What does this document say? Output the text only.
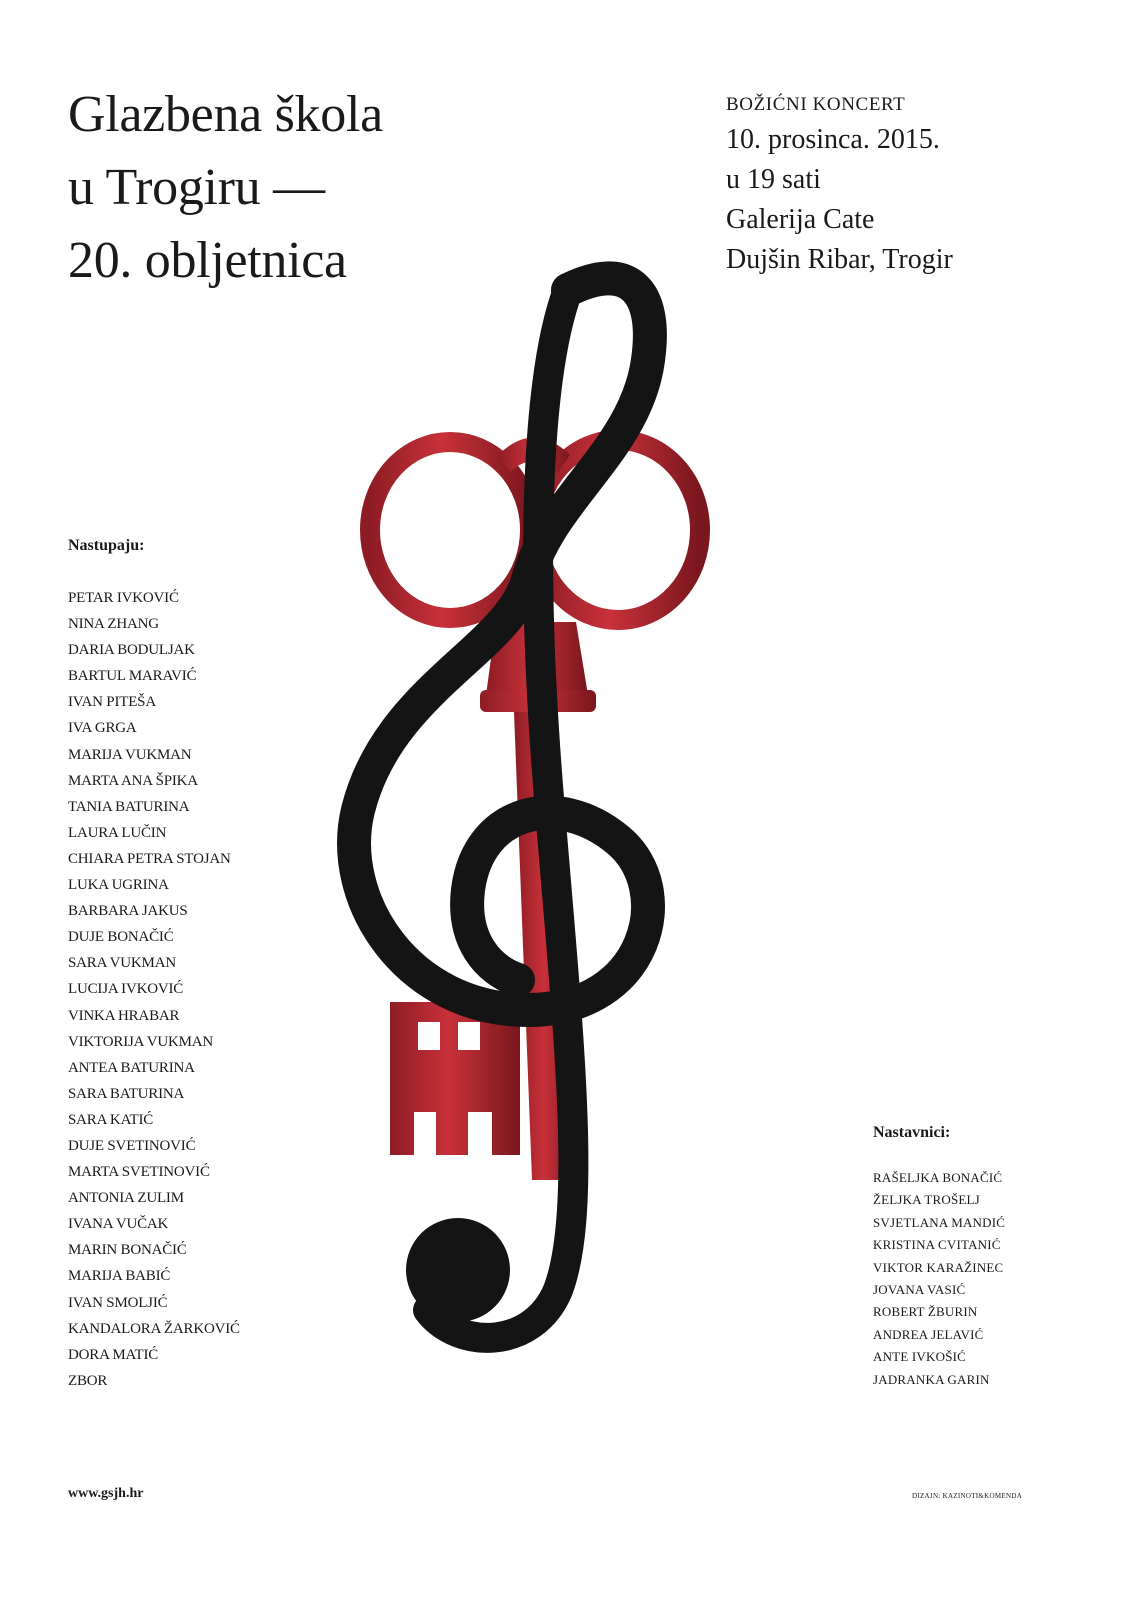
Glazbena škola
u Trogiru —
20. obljetnica
BOŽIĆNI KONCERT
10. prosinca. 2015.
u 19 sati
Galerija Cate
Dujšin Ribar, Trogir
Nastupaju:
PETAR IVKOVIĆ
NINA ZHANG
DARIA BODULJAK
BARTUL MARAVIĆ
IVAN PITEŠA
IVA GRGA
MARIJA VUKMAN
MARTA ANA ŠPIKA
TANIA BATURINA
LAURA LUČIN
CHIARA PETRA STOJAN
LUKA UGRINA
BARBARA JAKUS
DUJE BONAČIĆ
SARA VUKMAN
LUCIJA IVKOVIĆ
VINKA HRABAR
VIKTORIJA VUKMAN
ANTEA BATURINA
SARA BATURINA
SARA KATIĆ
DUJE SVETINOVIĆ
MARTA SVETINOVIĆ
ANTONIA ZULIM
IVANA VUČAK
MARIN BONAČIĆ
MARIJA BABIĆ
IVAN SMOLJIĆ
KANDALORA ŽARKOVIĆ
DORA MATIĆ
ZBOR
Nastavnici:
RAŠELJKA BONAČIĆ
ŽELJKA TROŠELJ
SVJETLANA MANDIĆ
KRISTINA CVITANIĆ
VIKTOR KARAŽINEC
JOVANA VASIĆ
ROBERT ŽBURIN
ANDREA JELAVIĆ
ANTE IVKOŠIĆ
JADRANKA GARIN
www.gsjh.hr	DIZAJN: KAZINOTI&KOMENDA
